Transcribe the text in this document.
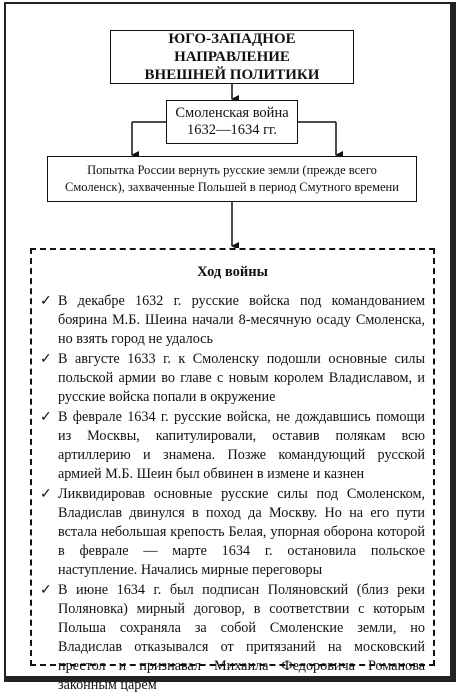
ЮГО-ЗАПАДНОЕ НАПРАВЛЕНИЕ
ВНЕШНЕЙ ПОЛИТИКИ
Смоленская война
1632—1634 гг.
Попытка России вернуть русские земли (прежде всего
Смоленск), захваченные Польшей в период Смутного времени
Ход войны
✓ В декабре 1632 г. русские войска под командованием боярина М.Б. Шеина начали 8-месячную осаду Смоленска, но взять город не удалось
✓ В августе 1633 г. к Смоленску подошли основные силы польской армии во главе с новым королем Владиславом, и русские войска попали в окружение
✓ В феврале 1634 г. русские войска, не дождавшись помощи из Москвы, капитулировали, оставив полякам всю артиллерию и знамена. Позже командующий русской армией М.Б. Шеин был обвинен в измене и казнен
✓ Ликвидировав основные русские силы под Смоленском, Владислав двинулся в поход да Москву. Но на его пути встала небольшая крепость Белая, упорная оборона которой в феврале — марте 1634 г. остановила польское наступление. Начались мирные переговоры
✓ В июне 1634 г. был подписан Поляновский (близ реки Поляновка) мирный договор, в соответствии с которым Польша сохраняла за собой Смоленские земли, но Владислав отказывался от притязаний на московский престол и признавал Михаила Федоровича Романова законным царем
